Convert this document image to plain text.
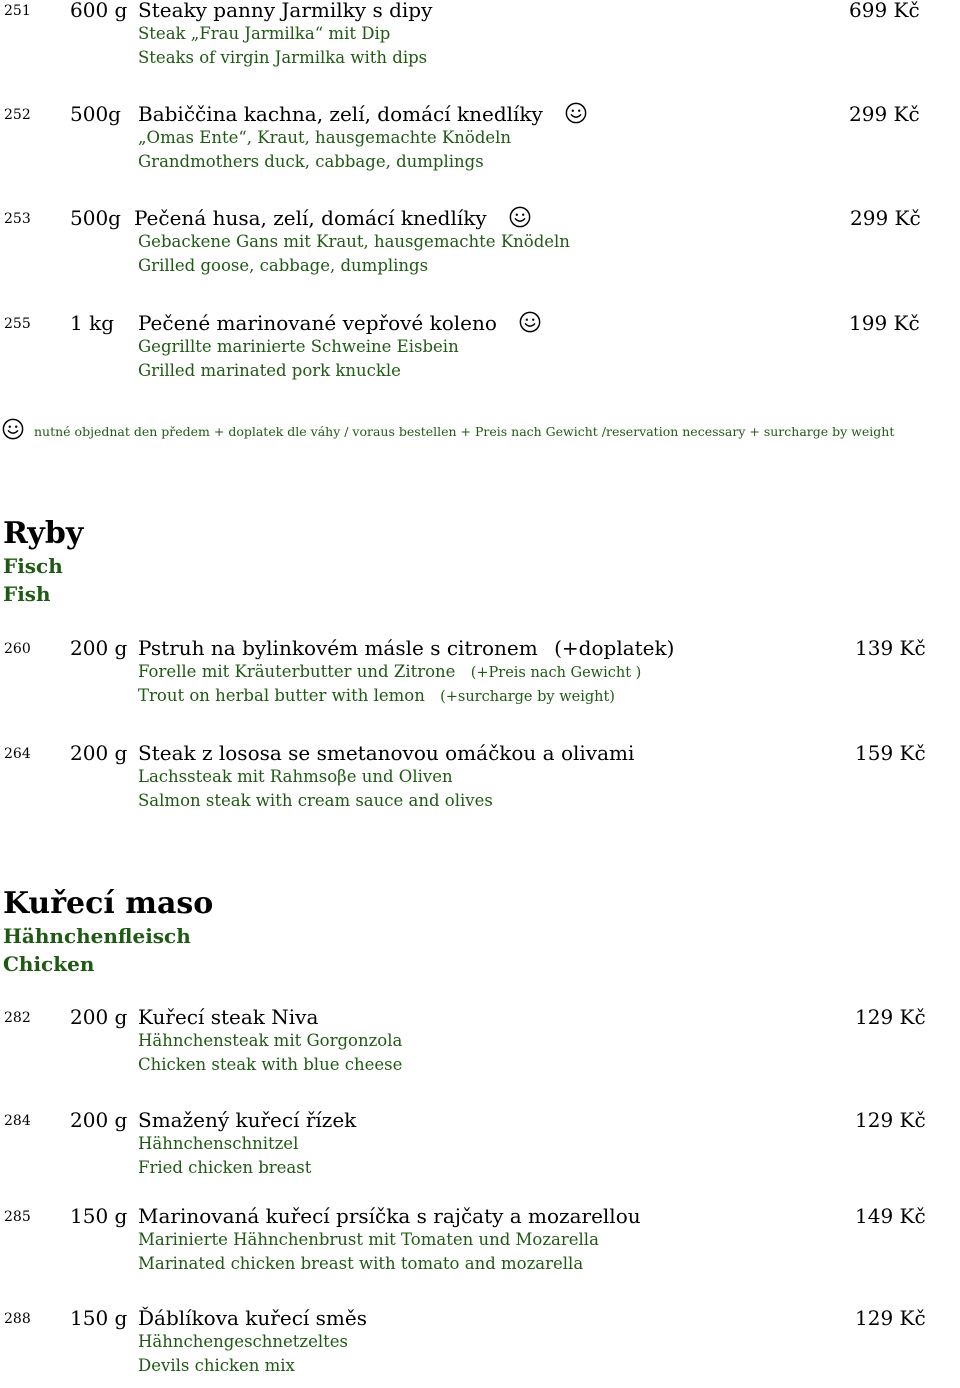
251 600 g Steaky panny Jarmilky s dipy	699 Kč
Steak „Frau Jarmilka“ mit Dip
Steaks of virgin Jarmilka with dips
252 500g Babiččina kachna, zelí, domácí knedlíky	299 Kč
„Omas Ente“, Kraut, hausgemachte Knödeln
Grandmothers duck, cabbage, dumplings
253 500g Pečená husa, zelí, domácí knedlíky	299 Kč
Gebackene Gans mit Kraut, hausgemachte Knödeln
Grilled goose, cabbage, dumplings
255 1 kg Pečené marinované vepřové koleno	199 Kč
Gegrillte marinierte Schweine Eisbein
Grilled marinated pork knuckle
nutné objednat den předem + doplatek dle váhy / voraus bestellen + Preis nach Gewicht /reservation necessary + surcharge by weight
Ryby
Fisch
Fish
260 200 g Pstruh na bylinkovém másle s citronem (+doplatek)	139 Kč
Forelle mit Kräuterbutter und Zitrone (+Preis nach Gewicht )
Trout on herbal butter with lemon (+surcharge by weight)
264 200 g Steak z lososa se smetanovou omáčkou a olivami	159 Kč
Lachssteak mit Rahmsoβe und Oliven
Salmon steak with cream sauce and olives
Kuřecí maso
Hähnchenfleisch
Chicken
282 200 g Kuřecí steak Niva	129 Kč
Hähnchensteak mit Gorgonzola
Chicken steak with blue cheese
284 200 g Smažený kuřecí řízek	129 Kč
Hähnchenschnitzel
Fried chicken breast
285 150 g Marinovaná kuřecí prsíčka s rajčaty a mozarellou	149 Kč
Marinierte Hähnchenbrust mit Tomaten und Mozarella
Marinated chicken breast with tomato and mozarella
288 150 g Ďáblíkova kuřecí směs	129 Kč
Hähnchengeschnetzeltes
Devils chicken mix
